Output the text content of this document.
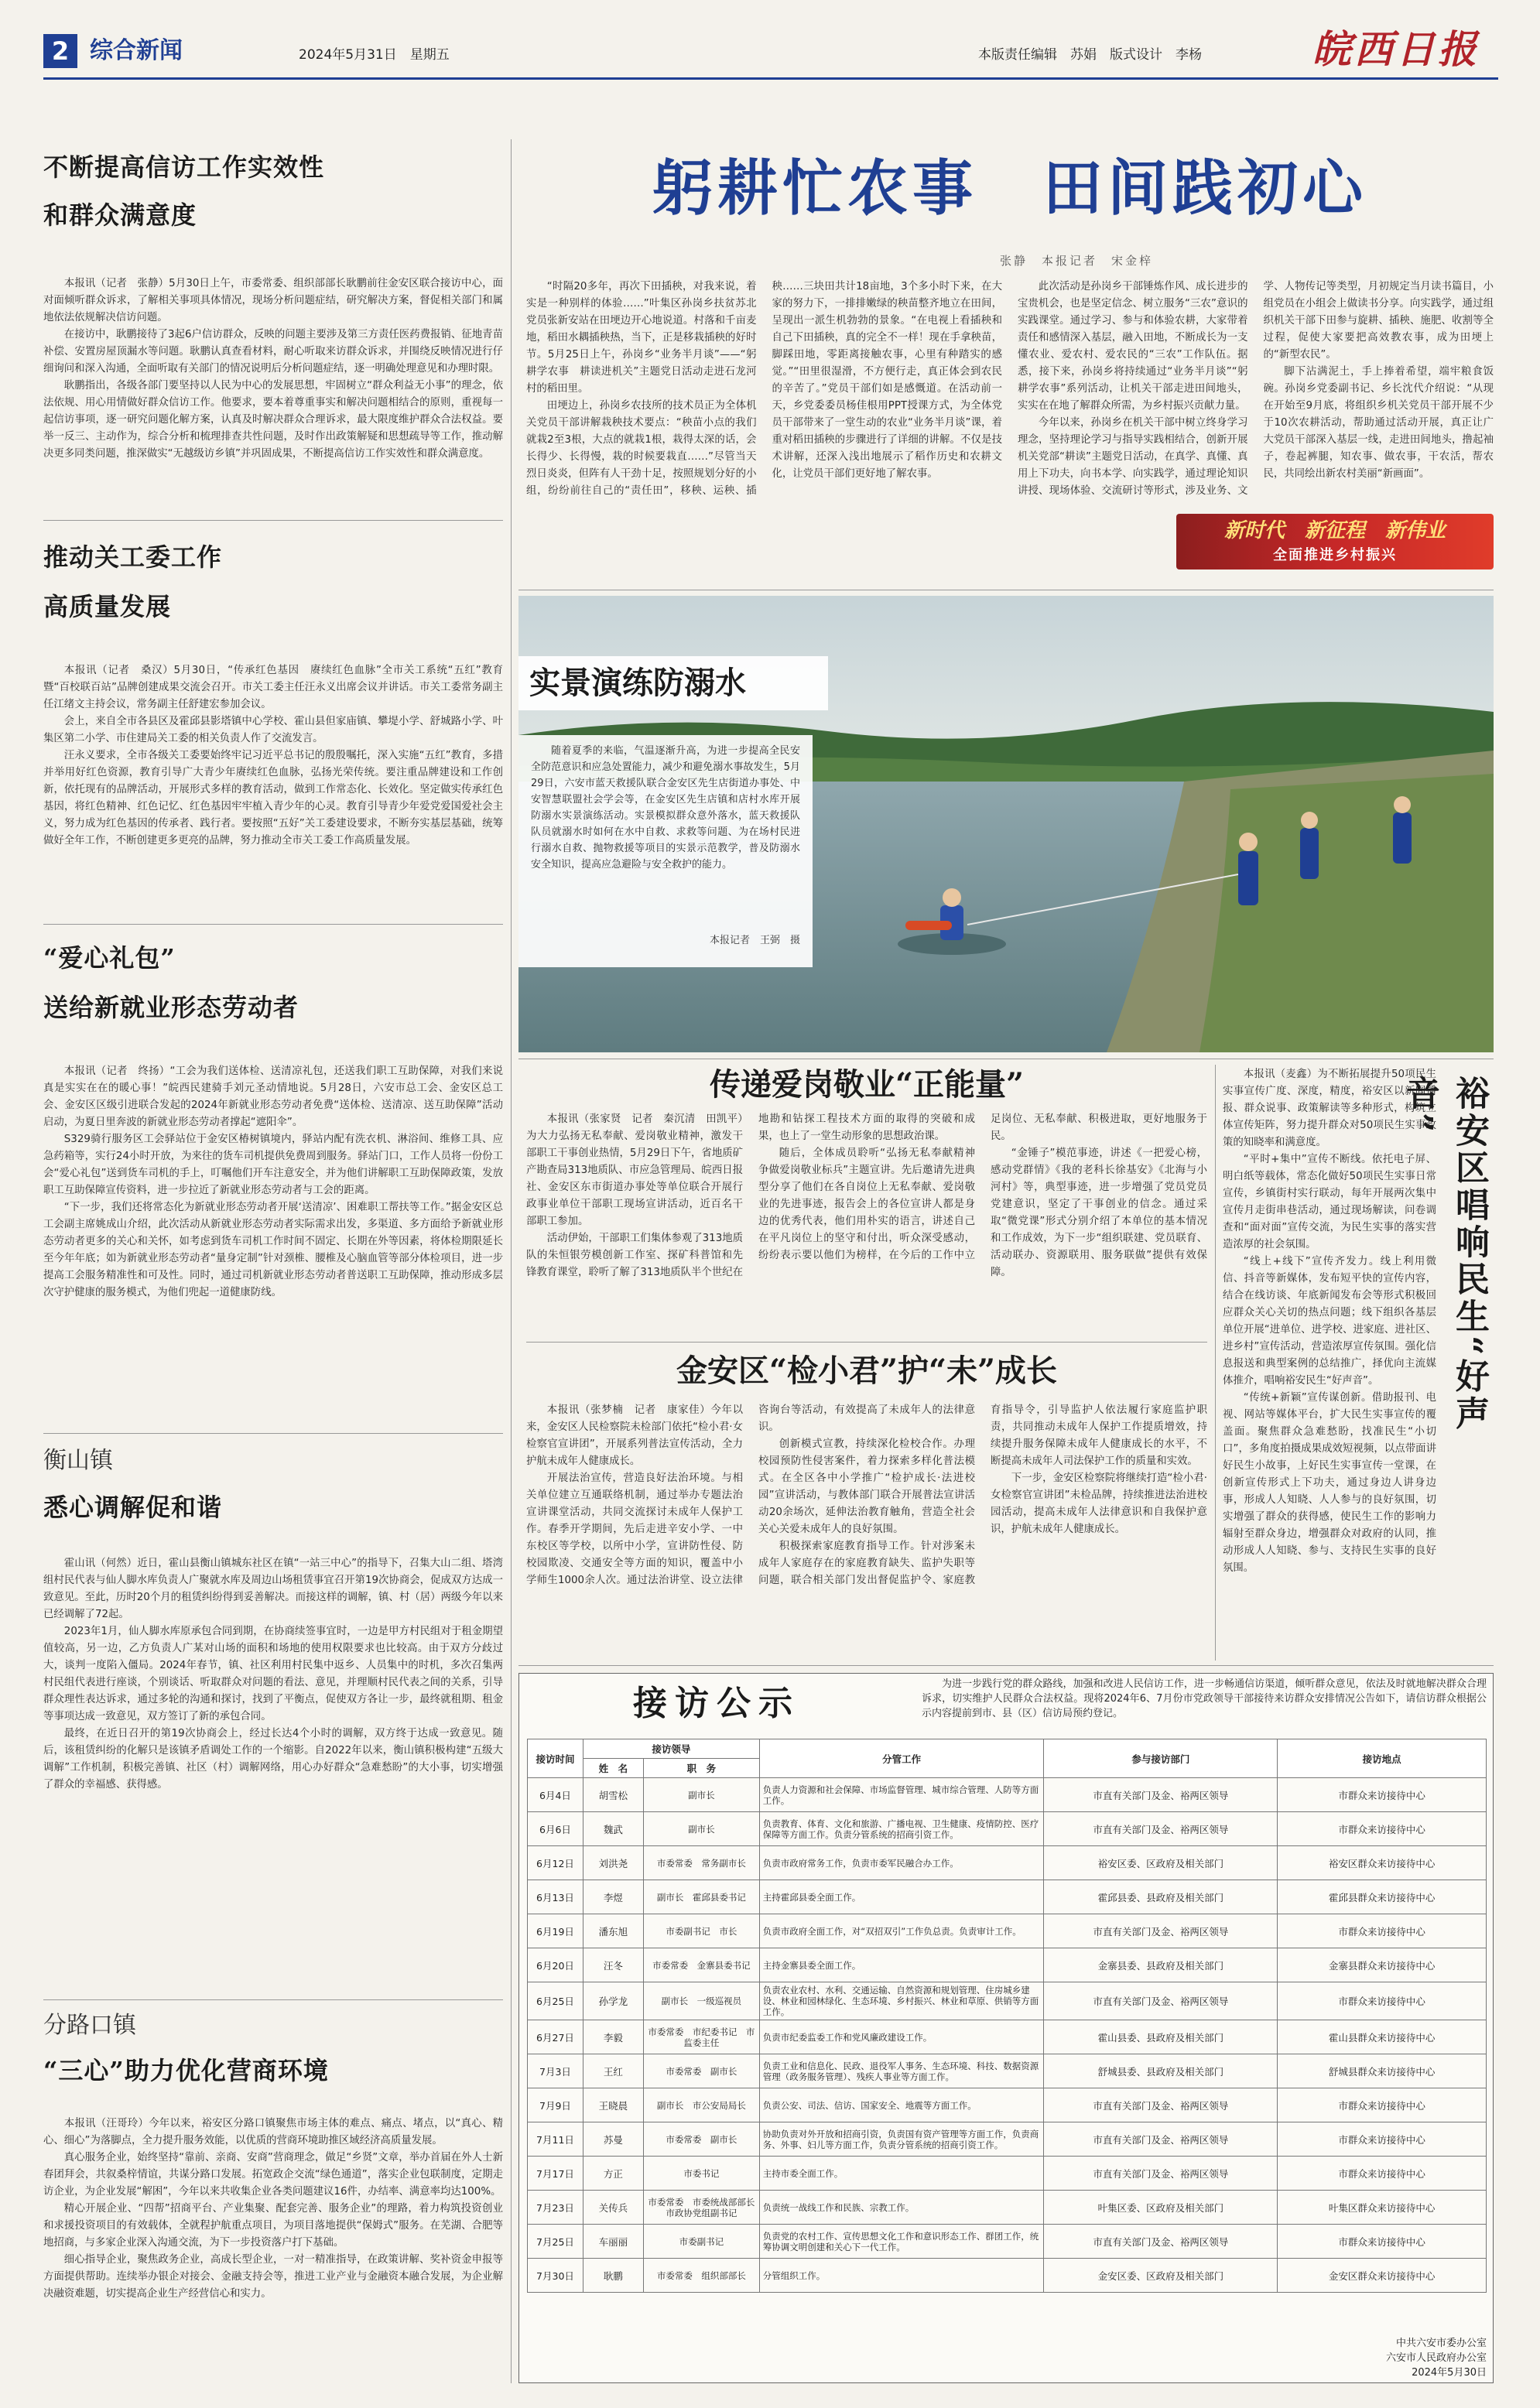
2 综合新闻	2024年5月31日　星期五	本版责任编辑　苏娟　版式设计　李杨	皖西日报
不断提高信访工作实效性
和群众满意度

本报讯（记者　张静）5月30日上午，市委常委、组织部部长耿鹏前往金安区联合接访中心，面对面倾听群众诉求，了解相关事项具体情况，现场分析问题症结，研究解决方案，督促相关部门和属地依法依规解决信访问题。

在接访中，耿鹏接待了3起6户信访群众，反映的问题主要涉及第三方责任医药费报销、征地青苗补偿、安置房屋顶漏水等问题。耿鹏认真查看材料，耐心听取来访群众诉求，并围绕反映情况进行仔细询问和深入沟通，全面听取有关部门的情况说明后分析问题症结，逐一明确处理意见和办理时限。

耿鹏指出，各级各部门要坚持以人民为中心的发展思想，牢固树立“群众利益无小事”的理念，依法依规、用心用情做好群众信访工作。他要求，要本着尊重事实和解决问题相结合的原则，重视每一起信访事项，逐一研究问题化解方案，认真及时解决群众合理诉求，最大限度维护群众合法权益。要举一反三、主动作为，综合分析和梳理排查共性问题，及时作出政策解疑和思想疏导等工作，推动解决更多同类问题，推深做实“无越级访乡镇”并巩固成果，不断提高信访工作实效性和群众满意度。

推动关工委工作
高质量发展

本报讯（记者　桑汉）5月30日，“传承红色基因　赓续红色血脉”全市关工系统“五红”教育暨“百校联百站”品牌创建成果交流会召开。市关工委主任汪永义出席会议并讲话。市关工委常务副主任江绪文主持会议，常务副主任舒建宏参加会议。

会上，来自全市各县区及霍邱县影塔镇中心学校、霍山县但家庙镇、攀堤小学、舒城路小学、叶集区第二小学、市住建局关工委的相关负责人作了交流发言。

汪永义要求，全市各级关工委要始终牢记习近平总书记的殷殷嘱托，深入实施“五红”教育，多措并举用好红色资源，教育引导广大青少年赓续红色血脉，弘扬光荣传统。要注重品牌建设和工作创新，依托现有的品牌活动，开展形式多样的教育活动，做到工作常态化、长效化。坚定做实传承红色基因，将红色精神、红色记忆、红色基因牢牢植入青少年的心灵。教育引导青少年爱党爱国爱社会主义，努力成为红色基因的传承者、践行者。要按照“五好”关工委建设要求，不断夯实基层基础，统筹做好全年工作，不断创建更多更亮的品牌，努力推动全市关工委工作高质量发展。

“爱心礼包”
送给新就业形态劳动者

本报讯（记者　终扬）“工会为我们送体检、送清凉礼包，还送我们职工互助保障，对我们来说真是实实在在的暖心事！”皖西民建骑手刘元圣动情地说。5月28日，六安市总工会、金安区总工会、金安区区级引进联合发起的2024年新就业形态劳动者免费“送体检、送清凉、送互助保障”活动启动，为夏日里奔波的新就业形态劳动者撑起“遮阳伞”。

S329骑行服务区工会驿站位于金安区椿树镇境内，驿站内配有洗衣机、淋浴间、维修工具、应急药箱等，实行24小时开放，为来往的货车司机提供免费周到服务。驿站门口，工作人员将一份份工会“爱心礼包”送到货车司机的手上，叮嘱他们开车注意安全，并为他们讲解职工互助保障政策，发放职工互助保障宣传资料，进一步拉近了新就业形态劳动者与工会的距离。

“下一步，我们还将常态化为新就业形态劳动者开展‘送清凉’、困难职工帮扶等工作。”据金安区总工会副主席姚成山介绍，此次活动从新就业形态劳动者实际需求出发，多渠道、多方面给予新就业形态劳动者更多的关心和关怀，如考虑到货车司机工作时间不固定、长期在外等因素，将体检期限延长至今年年底；如为新就业形态劳动者“量身定制”针对颈椎、腰椎及心脑血管等部分体检项目，进一步提高工会服务精准性和可及性。同时，通过司机新就业形态劳动者普送职工互助保障，推动形成多层次守护健康的服务模式，为他们兜起一道健康防线。

衡山镇
悉心调解促和谐

霍山讯（何然）近日，霍山县衡山镇城东社区在镇“一站三中心”的指导下，召集大山二组、塔湾组村民代表与仙人脚水库负责人广聚就水库及周边山场租赁事宜召开第19次协商会，促成双方达成一致意见。至此，历时20个月的租赁纠纷得到妥善解决。而接这样的调解，镇、村（居）两级今年以来已经调解了72起。

2023年1月，仙人脚水库原承包合同到期，在协商续签事宜时，一边是甲方村民组对于租金期望值较高，另一边，乙方负责人广某对山场的面积和场地的使用权限要求也比较高。由于双方分歧过大，谈判一度陷入僵局。2024年春节，镇、社区利用村民集中返乡、人员集中的时机，多次召集两村民组代表进行座谈，个别谈话、听取群众对问题的看法、意见，并理顺村民代表之间的关系，引导群众理性表达诉求，通过多轮的沟通和探讨，找到了平衡点，促使双方各让一步，最终就租期、租金等事项达成一致意见，双方签订了新的承包合同。

最终，在近日召开的第19次协商会上，经过长达4个小时的调解，双方终于达成一致意见。随后，该租赁纠纷的化解只是该镇矛盾调处工作的一个缩影。自2022年以来，衡山镇积极构建“五级大调解”工作机制，积极完善镇、社区（村）调解网络，用心办好群众“急难愁盼”的大小事，切实增强了群众的幸福感、获得感。

分路口镇
“三心”助力优化营商环境

本报讯（汪哥玲）今年以来，裕安区分路口镇聚焦市场主体的难点、痛点、堵点，以“真心、精心、细心”为落脚点，全力提升服务效能，以优质的营商环境助推区域经济高质量发展。

真心服务企业，始终坚持“靠前、亲商、安商”营商理念，做足“乡贤”文章，举办首届在外人士新春团拜会，共叙桑梓情谊，共谋分路口发展。拓宽政企交流“绿色通道”，落实企业包联制度，定期走访企业，为企业发展“解困”，今年以来共收集企业各类问题建议16件，办结率、满意率均达100%。

精心开展企业、“四帮”招商平台、产业集聚、配套完善、服务企业”的理路，着力构筑投资创业和求援投资项目的有效载体，全就程护航重点项目，为项目落地提供“保姆式”服务。在芜湖、合肥等地招商，与多家企业深入沟通交流，为下一步投资落户打下基础。

细心指导企业，聚焦政务企业，高成长型企业，一对一精准指导，在政策讲解、奖补资金申报等方面提供帮助。连续举办银企对接会、金融支持会等，推进工业产业与金融资本融合发展，为企业解决融资难题，切实提高企业生产经营信心和实力。

躬耕忙农事　田间践初心
张静　本报记者　宋金梓

“时隔20多年，再次下田插秧，对我来说，着实是一种别样的体验……”叶集区孙岗乡扶贫苏北党员张新安站在田埂边开心地说道。村落和千亩麦地，稻田水耦插秧热，当下，正是移栽插秧的好时节。5月25日上午，孙岗乡“业务半月谈”——“躬耕学农事　耕读进机关”主题党日活动走进石龙河村的稻田里。

田埂边上，孙岗乡农技所的技术员正为全体机关党员干部讲解栽秧技术要点：“秧苗小点的我们就栽2至3根，大点的就栽1根，栽得太深的话，会长得少、长得慢，栽的时候要栽直……”尽管当天烈日炎炎，但阵有人干劲十足，按照规划分好的小组，纷纷前往自己的“责任田”，移秧、运秧、插秧……三块田共计18亩地，3个多小时下来，在大家的努力下，一排排嫩绿的秧苗整齐地立在田间，呈现出一派生机勃勃的景象。“在电视上看插秧和自己下田插秧，真的完全不一样！现在手拿秧苗，脚踩田地，零距离接触农事，心里有种踏实的感觉。”“田里很湿滑，不方便行走，真正体会到农民的辛苦了。”党员干部们如是感慨道。在活动前一天，乡党委委员杨佳根用PPT授课方式，为全体党员干部带来了一堂生动的农业“业务半月谈”课，着重对稻田插秧的步骤进行了详细的讲解。不仅是技术讲解，还深入浅出地展示了稻作历史和农耕文化，让党员干部们更好地了解农事。

此次活动是孙岗乡干部锤炼作风、成长进步的宝贵机会，也是坚定信念、树立服务“三农”意识的实践课堂。通过学习、参与和体验农耕，大家带着责任和感情深入基层，融入田地，不断成长为一支懂农业、爱农村、爱农民的“三农”工作队伍。据悉，接下来，孙岗乡将持续通过“业务半月谈”“躬耕学农事”系列活动，让机关干部走进田间地头，实实在在地了解群众所需，为乡村振兴贡献力量。

今年以来，孙岗乡在机关干部中树立终身学习理念，坚持理论学习与指导实践相结合，创新开展机关党部“耕读”主题党日活动，在真学、真懂、真用上下功夫，向书本学、向实践学，通过理论知识讲授、现场体验、交流研讨等形式，涉及业务、文学、人物传记等类型，月初规定当月读书篇目，小组党员在小组会上做读书分享。向实践学，通过组织机关干部下田参与旋耕、插秧、施肥、收割等全过程，促使大家要把高效教农事，成为田埂上的“新型农民”。

脚下沾满泥土，手上捧着希望，端牢粮食饭碗。孙岗乡党委副书记、乡长沈代介绍说：“从现在开始至9月底，将组织乡机关党员干部开展不少于10次农耕活动，帮助通过活动开展，真正让广大党员干部深入基层一线，走进田间地头，撸起袖子，卷起裤腿，知农事、做农事，干农活，帮农民，共同绘出新农村美丽“新画面”。

新时代　新征程　新伟业
全面推进乡村振兴
实景演练防溺水
随着夏季的来临，气温逐渐升高，为进一步提高全民安全防范意识和应急处置能力，减少和避免溺水事故发生，5月29日，六安市蓝天救援队联合金安区先生店街道办事处、中安智慧联盟社会学会等，在金安区先生店镇和店村水库开展防溺水实景演练活动。实景模拟群众意外落水，蓝天救援队队员就溺水时如何在水中自救、求救等问题、为在场村民进行溺水自救、抛物救援等项目的实景示范教学，普及防溺水安全知识，提高应急避险与安全救护的能力。
本报记者　王弼　摄
传递爱岗敬业“正能量”

本报讯（张家贤　记者　秦沉清　田凯平）为大力弘扬无私奉献、爱岗敬业精神，激发干部职工干事创业热情，5月29日下午，省地质矿产勘查局313地质队、市应急管理局、皖西日报社、金安区东市街道办事处等单位联合开展行政事业单位干部职工现场宣讲活动，近百名干部职工参加。

活动伊始，干部职工们集体参观了313地质队的朱恒银劳模创新工作室、探矿科普馆和先锋教育课堂，聆听了解了313地质队半个世纪在地勘和钻探工程技术方面的取得的突破和成果，也上了一堂生动形象的思想政治课。

随后，全体成员聆听“弘扬无私奉献精神　争做爱岗敬业标兵”主题宣讲。先后邀请先进典型分享了他们在各自岗位上无私奉献、爱岗敬业的先进事迹，报告会上的各位宣讲人都是身边的优秀代表，他们用朴实的语言，讲述自己在平凡岗位上的坚守和付出，听众深受感动，纷纷表示要以他们为榜样，在今后的工作中立足岗位、无私奉献、积极进取，更好地服务于民。

“金锤子”模范事迹，讲述《一把爱心榜，感动党群情》《我的老科长徐基安》《北海与小河村》等，典型事迹，进一步增强了党员党员党建意识，坚定了干事创业的信念。通过采取“微党课”形式分别介绍了本单位的基本情况和工作成效，为下一步“组织联建、党员联育、活动联办、资源联用、服务联做”提供有效保障。

金安区“检小君”护“未”成长

本报讯（张梦楠　记者　康家佳）今年以来，金安区人民检察院未检部门依托“检小君·女检察官宣讲团”，开展系列普法宣传活动，全力护航未成年人健康成长。

开展法治宣传，营造良好法治环境。与相关单位建立互通联络机制，通过举办专题法治宣讲课堂活动，共同交流探讨未成年人保护工作。春季开学期间，先后走进辛安小学、一中东校区等学校，以所中小学，宣讲防性侵、防校园欺凌、交通安全等方面的知识，覆盖中小学师生1000余人次。通过法治讲堂、设立法律咨询台等活动，有效提高了未成年人的法律意识。

创新模式宣教，持续深化检校合作。办理校园预防性侵害案件，着力探索多样化普法模式。在全区各中小学推广“检护成长·法进校园”宣讲活动，与教体部门联合开展普法宣讲活动20余场次，延伸法治教育触角，营造全社会关心关爱未成年人的良好氛围。

积极探索家庭教育指导工作。针对涉案未成年人家庭存在的家庭教育缺失、监护失职等问题，联合相关部门发出督促监护令、家庭教育指导令，引导监护人依法履行家庭监护职责，共同推动未成年人保护工作提质增效，持续提升服务保障未成年人健康成长的水平，不断提高未成年人司法保护工作的质量和实效。

下一步，金安区检察院将继续打造“检小君·女检察官宣讲团”未检品牌，持续推进法治进校园活动，提高未成年人法律意识和自我保护意识，护航未成年人健康成长。

本报讯（麦鑫）为不断拓展提升50项民生实事宣传广度、深度，精度，裕安区以新闻播报、群众说事、政策解读等多种形式，构筑立体宣传矩阵，努力提升群众对50项民生实事政策的知晓率和满意度。

“平时+集中”宣传不断线。依托电子屏、明白纸等载体，常态化做好50项民生实事日常宣传，乡镇街村实行联动，每年开展两次集中宣传月走街串巷活动，通过现场解读，问卷调查和“面对面”宣传交流，为民生实事的落实营造浓厚的社会氛围。

“线上+线下”宣传齐发力。线上利用微信、抖音等新媒体，发布短平快的宣传内容，结合在线访谈、年底新闻发布会等形式积极回应群众关心关切的热点问题；线下组织各基层单位开展“进单位、进学校、进家庭、进社区、进乡村”宣传活动，营造浓厚宣传氛围。强化信息报送和典型案例的总结推广，择优向主流媒体推介，唱响裕安民生“好声音”。

“传统+新颖”宣传谋创新。借助报刊、电视、网站等媒体平台，扩大民生实事宣传的覆盖面。聚焦群众急难愁盼，找准民生“小切口”，多角度拍摄成果成效短视频，以点带面讲好民生小故事，上好民生实事宣传一堂课，在创新宣传形式上下功夫，通过身边人讲身边事，形成人人知晓、人人参与的良好氛围，切实增强了群众的获得感，使民生工作的影响力辐射至群众身边，增强群众对政府的认同，推动形成人人知晓、参与、支持民生实事的良好氛围。

裕安区唱响民生“好声音”
接访公示	为进一步践行党的群众路线，加强和改进人民信访工作，进一步畅通信访渠道，倾听群众意见，依法及时就地解决群众合理诉求，切实维护人民群众合法权益。现将2024年6、7月份市党政领导干部接待来访群众安排情况公告如下，请信访群众根据公示内容提前到市、县（区）信访局预约登记。
接访时间	接访领导		分管工作	参与接访部门	接访地点
	姓　名	职　务			
6月4日	胡雪松	副市长	负责人力资源和社会保障、市场监督管理、城市综合管理、人防等方面工作。	市直有关部门及金、裕两区领导	市群众来访接待中心
6月6日	魏武	副市长	负责教育、体育、文化和旅游、广播电视、卫生健康、疫情防控、医疗保障等方面工作。负责分管系统的招商引资工作。	市直有关部门及金、裕两区领导	市群众来访接待中心
6月12日	刘洪尧	市委常委　常务副市长	负责市政府常务工作，负责市委军民融合办工作。	裕安区委、区政府及相关部门	裕安区群众来访接待中心
6月13日	李煜	副市长　霍邱县委书记	主持霍邱县委全面工作。	霍邱县委、县政府及相关部门	霍邱县群众来访接待中心
6月19日	潘东旭	市委副书记　市长	负责市政府全面工作，对“双招双引”工作负总责。负责审计工作。	市直有关部门及金、裕两区领导	市群众来访接待中心
6月20日	汪冬	市委常委　金寨县委书记	主持金寨县委全面工作。	金寨县委、县政府及相关部门	金寨县群众来访接待中心
6月25日	孙学龙	副市长　一级巡视员	负责农业农村、水利、交通运输、自然资源和规划管理、住房城乡建设、林业和园林绿化、生态环境、乡村振兴、林业和草原、供销等方面工作。	市直有关部门及金、裕两区领导	市群众来访接待中心
6月27日	李毅	市委常委　市纪委书记　市监委主任	负责市纪委监委工作和党风廉政建设工作。	霍山县委、县政府及相关部门	霍山县群众来访接待中心
7月3日	王红	市委常委　副市长	负责工业和信息化、民政、退役军人事务、生态环境、科技、数据资源管理（政务服务管理）、残疾人事业等方面工作。	舒城县委、县政府及相关部门	舒城县群众来访接待中心
7月9日	王晓晨	副市长　市公安局局长	负责公安、司法、信访、国家安全、地震等方面工作。	市直有关部门及金、裕两区领导	市群众来访接待中心
7月11日	苏曼	市委常委　副市长	协助负责对外开放和招商引资，负责国有资产管理等方面工作，负责商务、外事、妇儿等方面工作，负责分管系统的招商引资工作。	市直有关部门及金、裕两区领导	市群众来访接待中心
7月17日	方正	市委书记	主持市委全面工作。	市直有关部门及金、裕两区领导	市群众来访接待中心
7月23日	关传兵	市委常委　市委统战部部长　市政协党组副书记	负责统一战线工作和民族、宗教工作。	叶集区委、区政府及相关部门	叶集区群众来访接待中心
7月25日	车丽丽	市委副书记	负责党的农村工作、宣传思想文化工作和意识形态工作、群团工作，统筹协调文明创建和关心下一代工作。	市直有关部门及金、裕两区领导	市群众来访接待中心
7月30日	耿鹏	市委常委　组织部部长	分管组织工作。	金安区委、区政府及相关部门	金安区群众来访接待中心
中共六安市委办公室
六安市人民政府办公室
2024年5月30日
